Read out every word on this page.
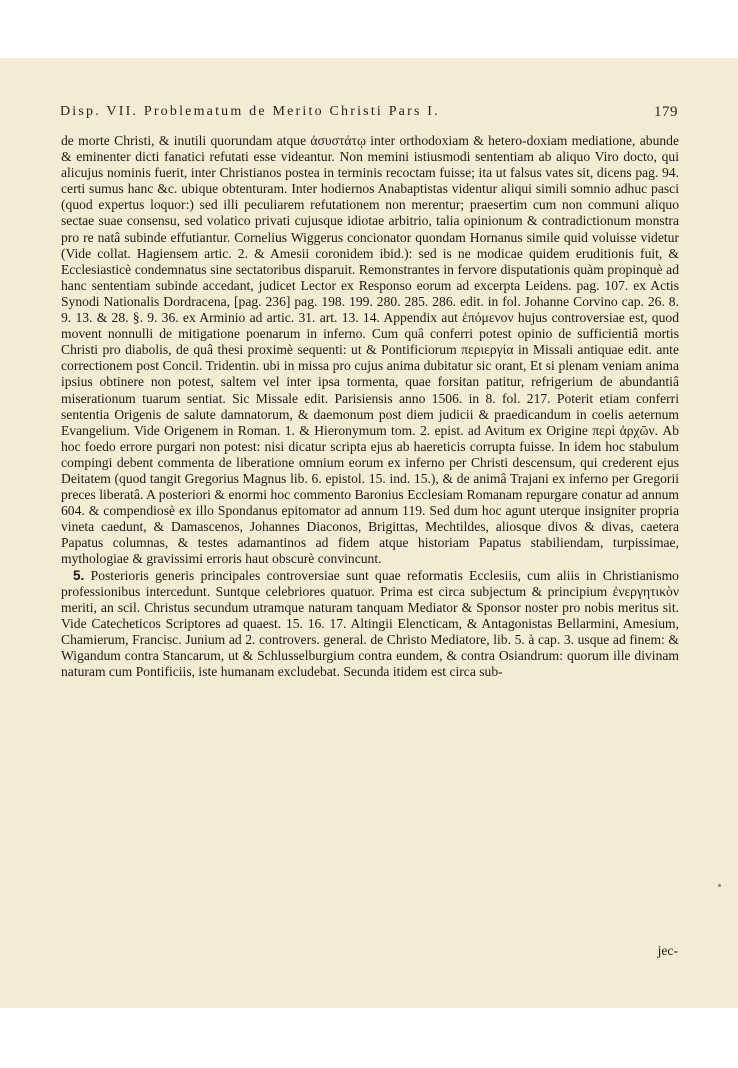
Disp. VII. Problematum de Merito Christi Pars I.	179

de morte Christi, & inutili quorundam atque ἀσυστάτῳ inter orthodoxiam & hetero-doxiam mediatione, abunde & eminenter dicti fanatici refutati esse videantur. Non memini istiusmodi sententiam ab aliquo Viro docto, qui alicujus nominis fuerit, inter Christianos postea in terminis recoctam fuisse; ita ut falsus vates sit, dicens pag. 94. certi sumus hanc &c. ubique obtenturam. Inter hodiernos Anabaptistas videntur aliqui simili somnio adhuc pasci (quod expertus loquor:) sed illi peculiarem refutationem non merentur; praesertim cum non communi aliquo sectae suae consensu, sed volatico privati cujusque idiotae arbitrio, talia opinionum & contradictionum monstra pro re natâ subinde effutiantur. Cornelius Wiggerus concionator quondam Hornanus simile quid voluisse videtur (Vide collat. Hagiensem artic. 2. & Amesii coronidem ibid.): sed is ne modicae quidem eruditionis fuit, & Ecclesiasticè condemnatus sine sectatoribus disparuit. Remonstrantes in fervore disputationis quàm propinquè ad hanc sententiam subinde accedant, judicet Lector ex Responso eorum ad excerpta Leidens. pag. 107. ex Actis Synodi Nationalis Dordracena, [pag. 236] pag. 198. 199. 280. 285. 286. edit. in fol. Johanne Corvino cap. 26. 8. 9. 13. & 28. §. 9. 36. ex Arminio ad artic. 31. art. 13. 14. Appendix aut ἑπόμενον hujus controversiae est, quod movent nonnulli de mitigatione poenarum in inferno. Cum quâ conferri potest opinio de sufficientiâ mortis Christi pro diabolis, de quâ thesi proximè sequenti: ut & Pontificiorum περιεργία in Missali antiquae edit. ante correctionem post Concil. Tridentin. ubi in missa pro cujus anima dubitatur sic orant, Et si plenam veniam anima ipsius obtinere non potest, saltem vel inter ipsa tormenta, quae forsitan patitur, refrigerium de abundantiâ miserationum tuarum sentiat. Sic Missale edit. Parisiensis anno 1506. in 8. fol. 217. Poterit etiam conferri sententia Origenis de salute damnatorum, & daemonum post diem judicii & praedicandum in coelis aeternum Evangelium. Vide Origenem in Roman. 1. & Hieronymum tom. 2. epist. ad Avitum ex Origine περὶ ἀρχῶν. Ab hoc foedo errore purgari non potest: nisi dicatur scripta ejus ab haereticis corrupta fuisse. In idem hoc stabulum compingi debent commenta de liberatione omnium eorum ex inferno per Christi descensum, qui crederent ejus Deitatem (quod tangit Gregorius Magnus lib. 6. epistol. 15. ind. 15.), & de animâ Trajani ex inferno per Gregorii preces liberatâ. A posteriori & enormi hoc commento Baronius Ecclesiam Romanam repurgare conatur ad annum 604. & compendiosè ex illo Spondanus epitomator ad annum 119. Sed dum hoc agunt uterque insigniter propria vineta caedunt, & Damascenos, Johannes Diaconos, Brigittas, Mechtildes, aliosque divos & divas, caetera Papatus columnas, & testes adamantinos ad fidem atque historiam Papatus stabiliendam, turpissimae, mythologiae & gravissimi erroris haut obscurè convincunt.

5. Posterioris generis principales controversiae sunt quae reformatis Ecclesiis, cum aliis in Christianismo professionibus intercedunt. Suntque celebriores quatuor. Prima est circa subjectum & principium ἐνεργητικὸν meriti, an scil. Christus secundum utramque naturam tanquam Mediator & Sponsor noster pro nobis meritus sit. Vide Catecheticos Scriptores ad quaest. 15. 16. 17. Altingii Elencticam, & Antagonistas Bellarmini, Amesium, Chamierum, Francisc. Junium ad 2. controvers. general. de Christo Mediatore, lib. 5. à cap. 3. usque ad finem: & Wigandum contra Stancarum, ut & Schlusselburgium contra eundem, & contra Osiandrum: quorum ille divinam naturam cum Pontificiis, iste humanam excludebat. Secunda itidem est circa sub-

jec-
